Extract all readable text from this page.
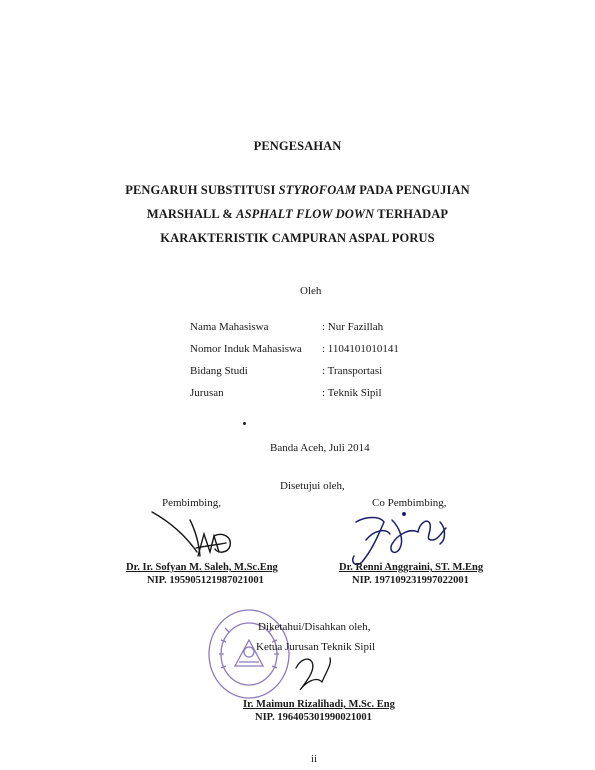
PENGESAHAN
PENGARUH SUBSTITUSI STYROFOAM PADA PENGUJIAN
MARSHALL & ASPHALT FLOW DOWN TERHADAP
KARAKTERISTIK CAMPURAN ASPAL PORUS
Oleh
Nama Mahasiswa	: Nur Fazillah
Nomor Induk Mahasiswa : 1104101010141
Bidang Studi	: Transportasi
Jurusan	: Teknik Sipil
Banda Aceh, Juli 2014
Disetujui oleh,
Pembimbing,
Dr. Ir. Sofyan M. Saleh, M.Sc.Eng
NIP. 195905121987021001
Co Pembimbing,
Dr. Renni Anggraini, ST. M.Eng
NIP. 197109231997022001
Diketahui/Disahkan oleh,
Ketua Jurusan Teknik Sipil
Ir. Maimun Rizalihadi, M.Sc. Eng
NIP. 196405301990021001
ii
